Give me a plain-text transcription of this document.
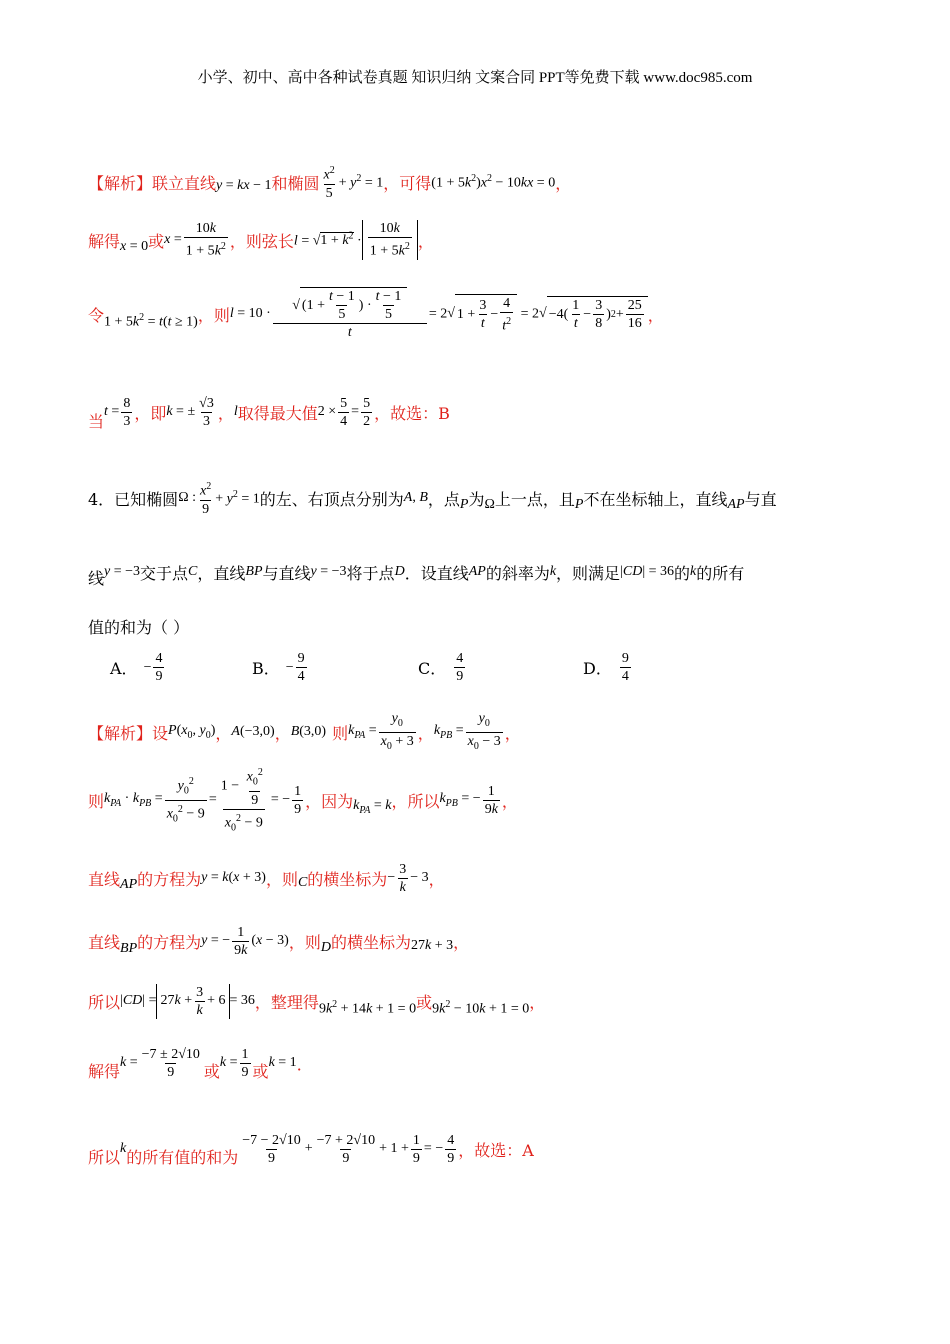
小学、初中、高中各种试卷真题 知识归纳 文案合同 PPT等免费下载 www.doc985.com
【解析】 联立直线 y = kx − 1 和椭圆 $\frac{x^2}{5} + y^2 = 1$ ，可得 $(1 + 5k^2)x^2 - 10kx = 0$ ，
解得 x = 0 或 $x = \frac{10k}{1 + 5k^2}$ ，则弦长 $l = √1 + k^2 \cdot \frac{10k}{1 + 5k^2}$ ，
令 $1 + 5k^2 = t(t \ge 1)$ ，则 $l = 10 \cdot \frac{√ (1 + \frac{t - 1}{5} ) \cdot \frac{t - 1}{5}}{t} = 2√$ $1 + \frac{3}{t} - \frac{4}{t^2} = 2√ -4( \frac{1}{t} - \frac{3}{8}$ ) $2 + \frac{25}{16}$ ，
当 $t = \frac{8}{3}$ ，即 k = ± $\frac{√3}{3}$ ， l 取得最大值 $2 \times \frac{5}{4} = \frac{5}{2}$ ，故选：B
4．已知椭圆 Ω : $\frac{x^2}{9} + y^2 = 1$ 的左、右顶点分别为 A, B ，点 P 为 Ω 上一点，且 P 不在坐标轴上，直线 AP 与直
线 y = −3 交于点 C ，直线 BP 与直线 y = −3 将于点 D ．设直线 AP 的斜率为 k ，则满足 |CD| = 36 的 k 的所有
值的和为（ ）
A． − $\frac{4}{9}$	B． − $\frac{9}{4}$	C． $\frac{4}{9}$	D． $\frac{9}{4}$
【解析】 设 $P(x_0$, $y_0$) ， A(−3,0) ， B(3,0) 则 $k_{PA} = \frac{y_0}{x_0 + 3}$ ， $k_{PB} = \frac{y_0}{x_0 - 3}$ ，
则 $k_{PA} \cdot k_{PB} = \frac{y_0^2}{x_0^2 - 9} = \frac{1 - \frac{x_0^2}{9}}{x_0^2 - 9}$ = − $\frac{1}{9}$ ，因为 $k_{PA} = k$ ，所以 $k_{PB}$ = − $\frac{1}{9k}$ ，
直线 AP 的方程为 y = k(x + 3) ，则 C 的横坐标为 − $\frac{3}{k} - 3$ ，
直线 BP 的方程为 y = − $\frac{1}{9k} (x - 3)$ ，则 D 的横坐标为 27k + 3 ，
所以 $|CD| = 27k + \frac{3}{k} + 6 = 36$ ，整理得 $9k^2 + 14k + 1 = 0$ 或 $9k^2 - 10k + 1 = 0$ ，
解得 $k = \frac{-7 \pm 2√10}{9}$ 或 $k = \frac{1}{9}$ 或 k = 1 ．
所以 k 的所有值的和为 $\frac{-7 - 2√10}{9} + \frac{-7 + 2√10}{9} + 1 + \frac{1}{9}$ = − $\frac{4}{9}$ ，故选：A
